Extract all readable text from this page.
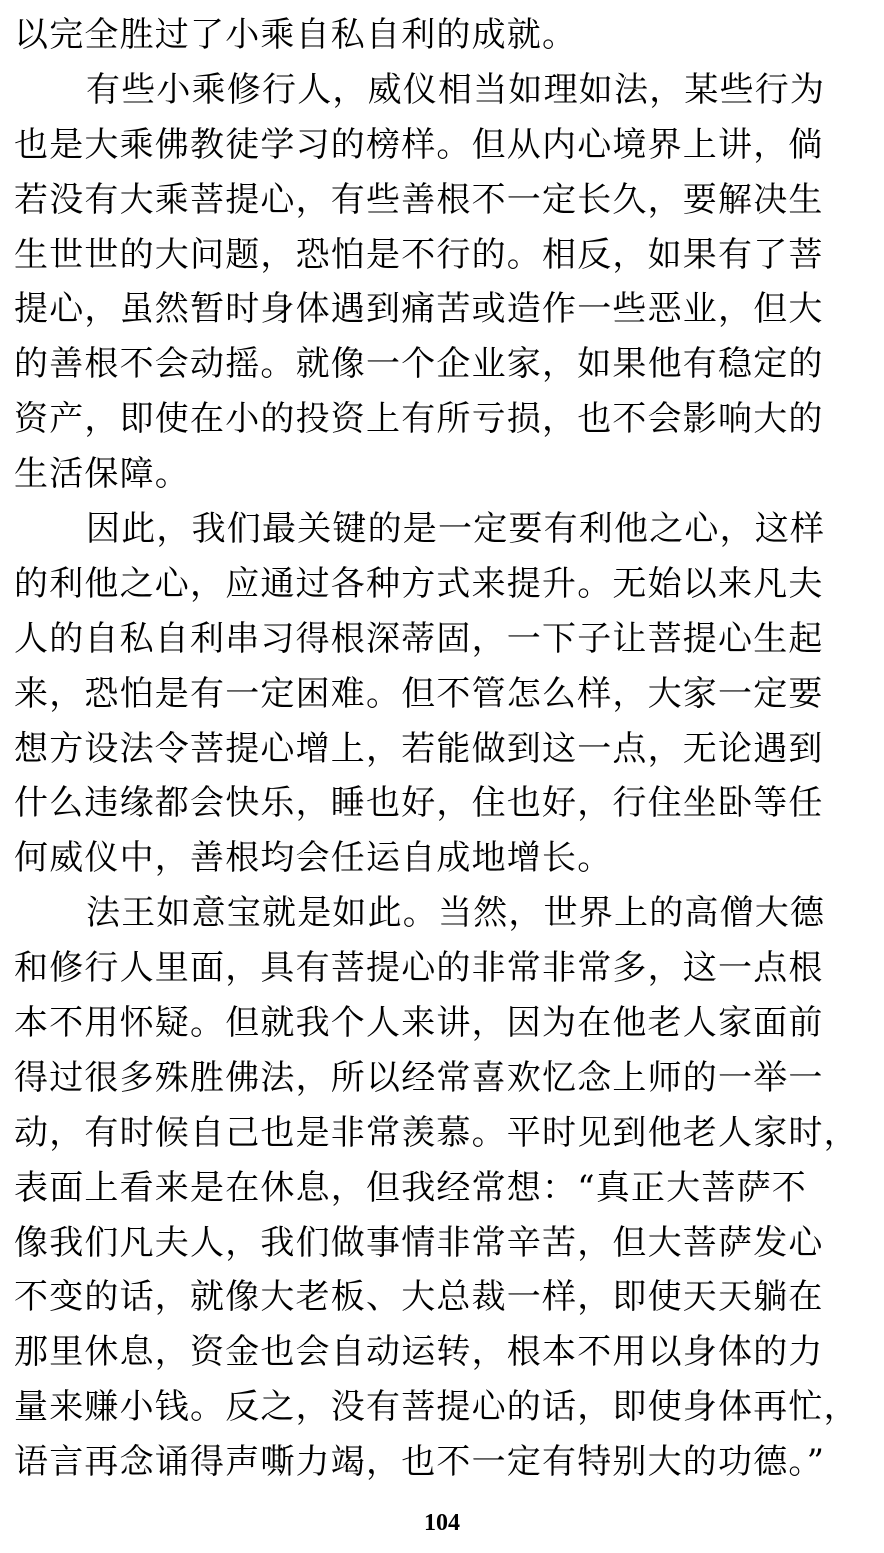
以完全胜过了小乘自私自利的成就。
有些小乘修行人，威仪相当如理如法，某些行为
也是大乘佛教徒学习的榜样。但从内心境界上讲，倘
若没有大乘菩提心，有些善根不一定长久，要解决生
生世世的大问题，恐怕是不行的。相反，如果有了菩
提心，虽然暂时身体遇到痛苦或造作一些恶业，但大
的善根不会动摇。就像一个企业家，如果他有稳定的
资产，即使在小的投资上有所亏损，也不会影响大的
生活保障。
因此，我们最关键的是一定要有利他之心，这样
的利他之心，应通过各种方式来提升。无始以来凡夫
人的自私自利串习得根深蒂固，一下子让菩提心生起
来，恐怕是有一定困难。但不管怎么样，大家一定要
想方设法令菩提心增上，若能做到这一点，无论遇到
什么违缘都会快乐，睡也好，住也好，行住坐卧等任
何威仪中，善根均会任运自成地增长。
法王如意宝就是如此。当然，世界上的高僧大德
和修行人里面，具有菩提心的非常非常多，这一点根
本不用怀疑。但就我个人来讲，因为在他老人家面前
得过很多殊胜佛法，所以经常喜欢忆念上师的一举一
动，有时候自己也是非常羡慕。平时见到他老人家时，
表面上看来是在休息，但我经常想：“真正大菩萨不
像我们凡夫人，我们做事情非常辛苦，但大菩萨发心
不变的话，就像大老板、大总裁一样，即使天天躺在
那里休息，资金也会自动运转，根本不用以身体的力
量来赚小钱。反之，没有菩提心的话，即使身体再忙，
语言再念诵得声嘶力竭，也不一定有特别大的功德。”
104
